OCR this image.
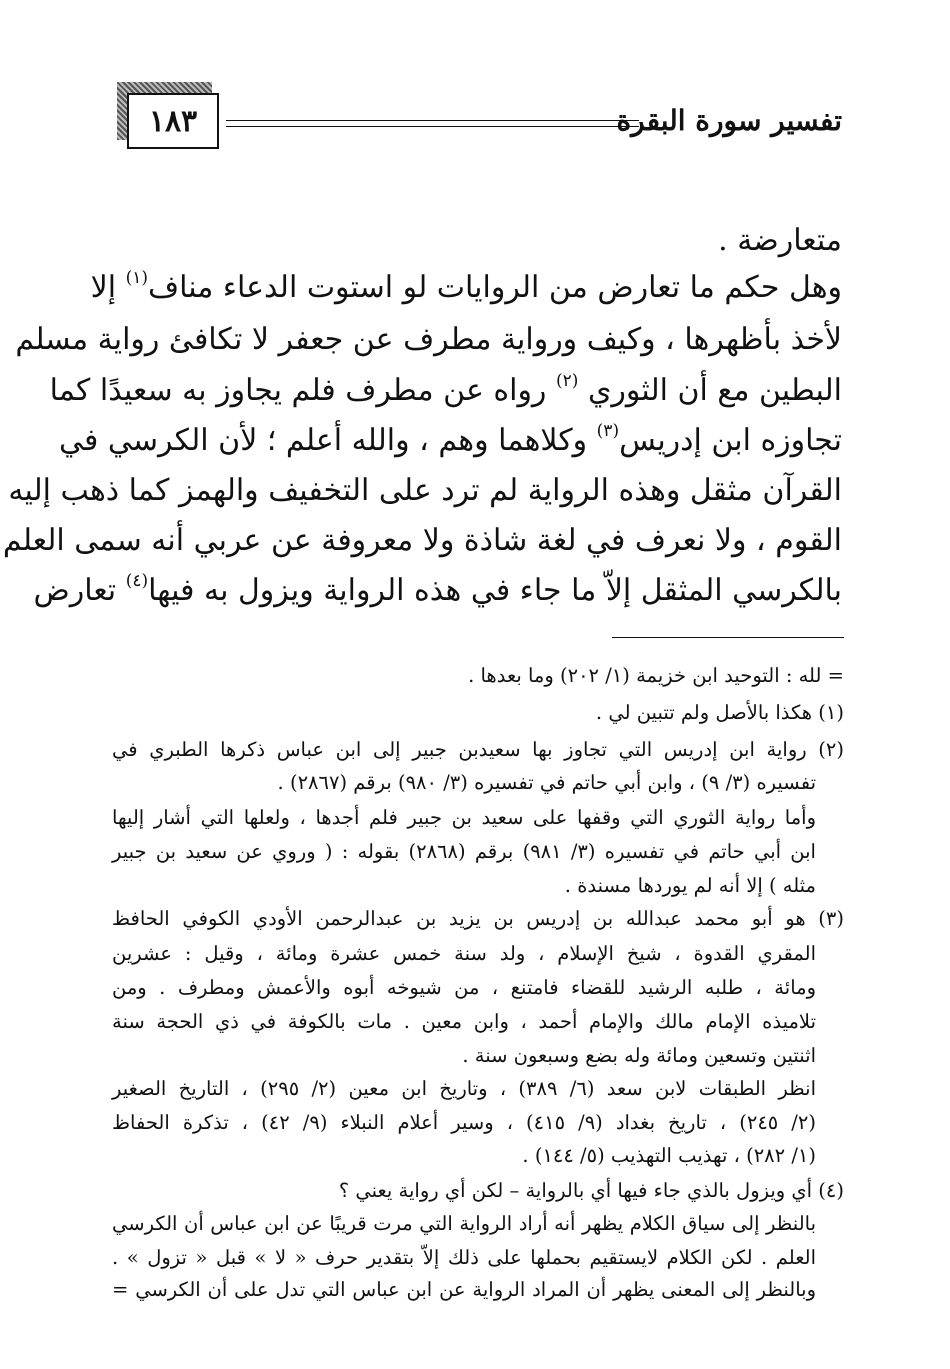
١٨٣	تفسير سورة البقرة
متعارضة .
وهل حكم ما تعارض من الروايات لو استوت الدعاء مناف$^{(١)}$ إلا
لأخذ بأظهرها ، وكيف ورواية مطرف عن جعفر لا تكافئ رواية مسلم
البطين مع أن الثوري $^{(٢)}$ رواه عن مطرف فلم يجاوز به سعيدًا كما
تجاوزه ابن إدريس$^{(٣)}$ وكلاهما وهم ، والله أعلم ؛ لأن الكرسي في
القرآن مثقل وهذه الرواية لم ترد على التخفيف والهمز كما ذهب إليه
القوم ، ولا نعرف في لغة شاذة ولا معروفة عن عربي أنه سمى العلم
بالكرسي المثقل إلاّ ما جاء في هذه الرواية ويزول به فيها$^{(٤)}$ تعارض
= لله : التوحيد ابن خزيمة (١/ ٢٠٢) وما بعدها .
(١) هكذا بالأصل ولم تتبين لي .
(٢) رواية ابن إدريس التي تجاوز بها سعيدبن جبير إلى ابن عباس ذكرها الطبري في
تفسيره (٣/ ٩) ، وابن أبي حاتم في تفسيره (٣/ ٩٨٠) برقم (٢٨٦٧) .
وأما رواية الثوري التي وقفها على سعيد بن جبير فلم أجدها ، ولعلها التي أشار إليها
ابن أبي حاتم في تفسيره (٣/ ٩٨١) برقم (٢٨٦٨) بقوله : ( وروي عن سعيد بن جبير
مثله ) إلا أنه لم يوردها مسندة .
(٣) هو أبو محمد عبدالله بن إدريس بن يزيد بن عبدالرحمن الأودي الكوفي الحافظ
المقري القدوة ، شيخ الإسلام ، ولد سنة خمس عشرة ومائة ، وقيل : عشرين
ومائة ، طلبه الرشيد للقضاء فامتنع ، من شيوخه أبوه والأعمش ومطرف . ومن
تلاميذه الإمام مالك والإمام أحمد ، وابن معين . مات بالكوفة في ذي الحجة سنة
اثنتين وتسعين ومائة وله بضع وسبعون سنة .
انظر الطبقات لابن سعد (٦/ ٣٨٩) ، وتاريخ ابن معين (٢/ ٢٩٥) ، التاريخ الصغير
(٢/ ٢٤٥) ، تاريخ بغداد (٩/ ٤١٥) ، وسير أعلام النبلاء (٩/ ٤٢) ، تذكرة الحفاظ
(١/ ٢٨٢) ، تهذيب التهذيب (٥/ ١٤٤) .
(٤) أي ويزول بالذي جاء فيها أي بالرواية – لكن أي رواية يعني ؟
بالنظر إلى سياق الكلام يظهر أنه أراد الرواية التي مرت قريبًا عن ابن عباس أن الكرسي
العلم . لكن الكلام لايستقيم بحملها على ذلك إلاّ بتقدير حرف « لا » قبل « تزول » .
وبالنظر إلى المعنى يظهر أن المراد الرواية عن ابن عباس التي تدل على أن الكرسي =
